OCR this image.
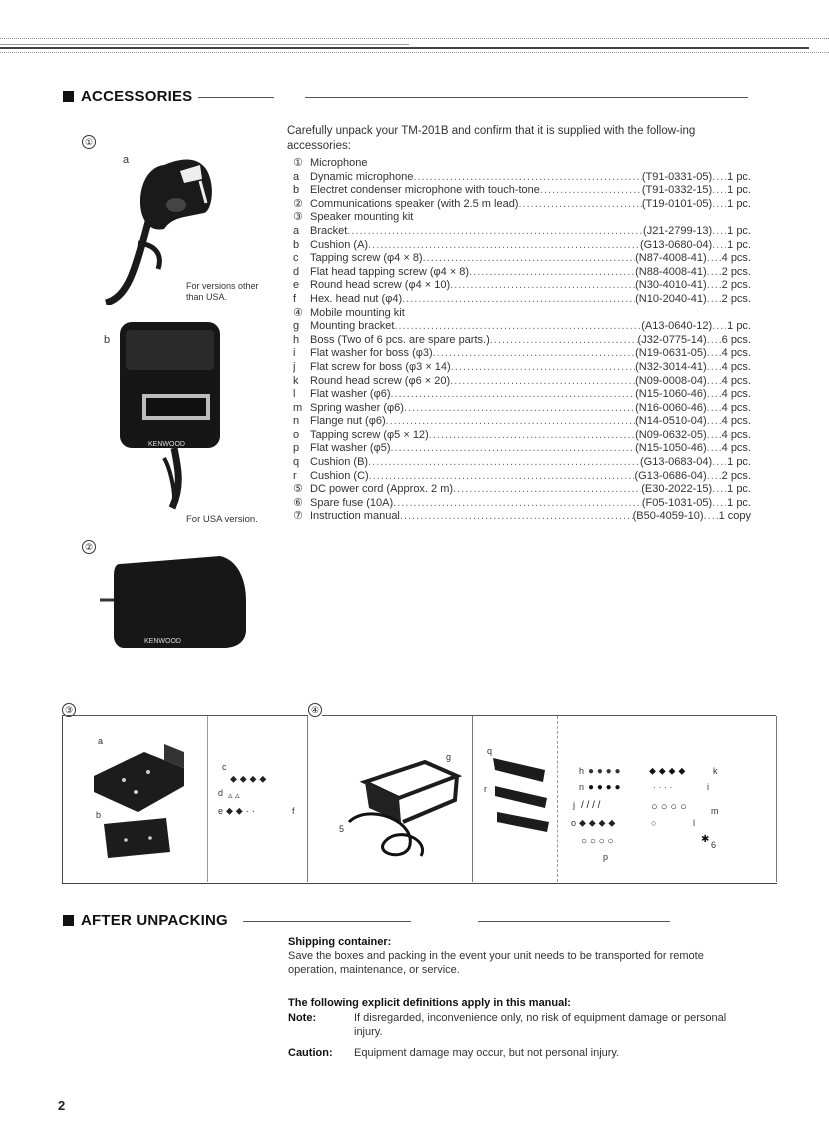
ACCESSORIES
Carefully unpack your TM-201B and confirm that it is supplied with the follow-ing accessories:
① Microphone
a Dynamic microphone .....	(T91-0331-05) ..... 1 pc.
b Electret condenser microphone with touch-tone .....	(T91-0332-15) ..... 1 pc.
② Communications speaker (with 2.5 m lead) .....	(T19-0101-05) ..... 1 pc.
③ Speaker mounting kit
a Bracket .....	(J21-2799-13) ..... 1 pc.
b Cushion (A) .....	(G13-0680-04) ..... 1 pc.
c	Tapping screw (φ4 × 8) .....	(N87-4008-41) ..... 4 pcs.
d Flat head tapping screw (φ4 × 8) .....	(N88-4008-41) ..... 2 pcs.
e Round head screw (φ4 × 10) .....	(N30-4010-41) ..... 2 pcs.
f	Hex. head nut (φ4) .....	(N10-2040-41) ..... 2 pcs.
④ Mobile mounting kit
g Mounting bracket .....	(A13-0640-12) ..... 1 pc.
h Boss (Two of 6 pcs. are spare parts.) .....	(J32-0775-14) ..... 6 pcs.
i	Flat washer for boss (φ3) .....	(N19-0631-05) ..... 4 pcs.
j	Flat screw for boss (φ3 × 14) .....	(N32-3014-41) ..... 4 pcs.
k	Round head screw (φ6 × 20) .....	(N09-0008-04) ..... 4 pcs.
l	Flat washer (φ6) .....	(N15-1060-46) ..... 4 pcs.
m Spring washer (φ6) .....	(N16-0060-46) ..... 4 pcs.
n Flange nut (φ6) .....	(N14-0510-04) ..... 4 pcs.
o Tapping screw (φ5 × 12) .....	(N09-0632-05) ..... 4 pcs.
p Flat washer (φ5) .....	(N15-1050-46) ..... 4 pcs.
q Cushion (B) .....	(G13-0683-04) ..... 1 pc.
r	Cushion (C) .....	(G13-0686-04) ..... 2 pcs.
⑤ DC power cord (Approx. 2 m) .....	(E30-2022-15) ..... 1 pc.
⑥ Spare fuse (10A) .....	(F05-1031-05) ..... 1 pc.
⑦ Instruction manual .....	(B50-4059-10) ..... 1 copy
①
a
For versions other than USA.
b
KENWOOD
For USA version.
②
KENWOOD
③	④
a
b
c
⬥ ⬥ ⬥ ⬥
d ▵ ▵
e ⬥ ⬥ · ·	f
g
5
q
r
h ● ● ● ●
n ● ● ● ●
j / / / /
o ⬥ ⬥ ⬥ ⬥
○ ○ ○ ○
p
⬥ ⬥ ⬥ ⬥	k
· · · ·	i
○ ○ ○ ○	m
○	l
✱ 6
AFTER UNPACKING
Shipping container:
Save the boxes and packing in the event your unit needs to be transported for remote operation, maintenance, or service.
The following explicit definitions apply in this manual:
Note:	If disregarded, inconvenience only, no risk of equipment damage or personal injury.
Caution: Equipment damage may occur, but not personal injury.
2
